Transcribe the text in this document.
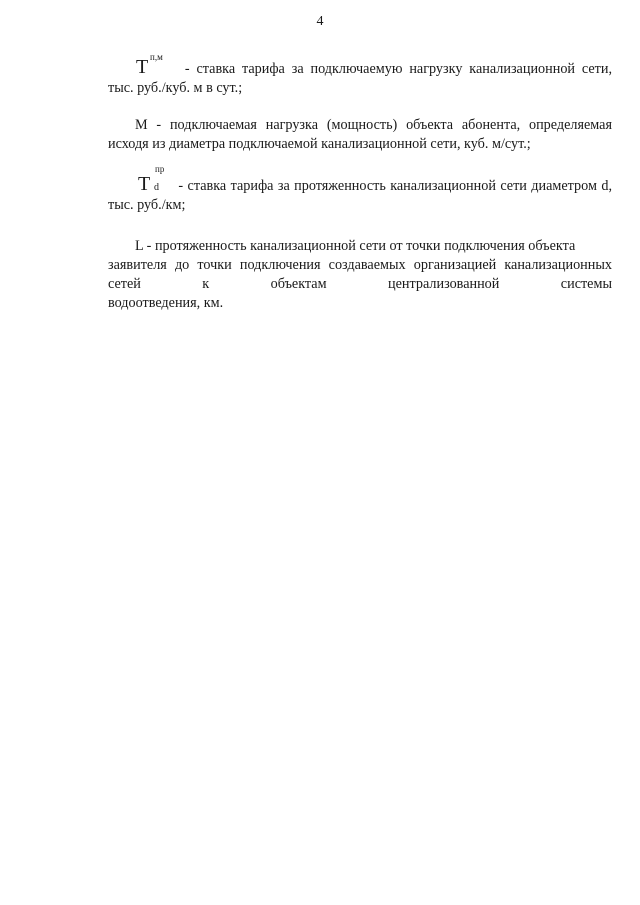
4

T п,м
- ставка тарифа за подключаемую нагрузку канализационной сети, тыс. руб./куб. м в сут.;

М - подключаемая нагрузка (мощность) объекта абонента, определяемая исходя из диаметра подключаемой канализационной сети, куб. м/сут.;

T
пр
d - ставка тарифа за протяженность канализационной сети диаметром d, тыс. руб./км;

L - протяженность канализационной сети от точки подключения объекта
заявителя до точки подключения создаваемых организацией канализационных сетей к объектам централизованной системы
водоотведения, км.
